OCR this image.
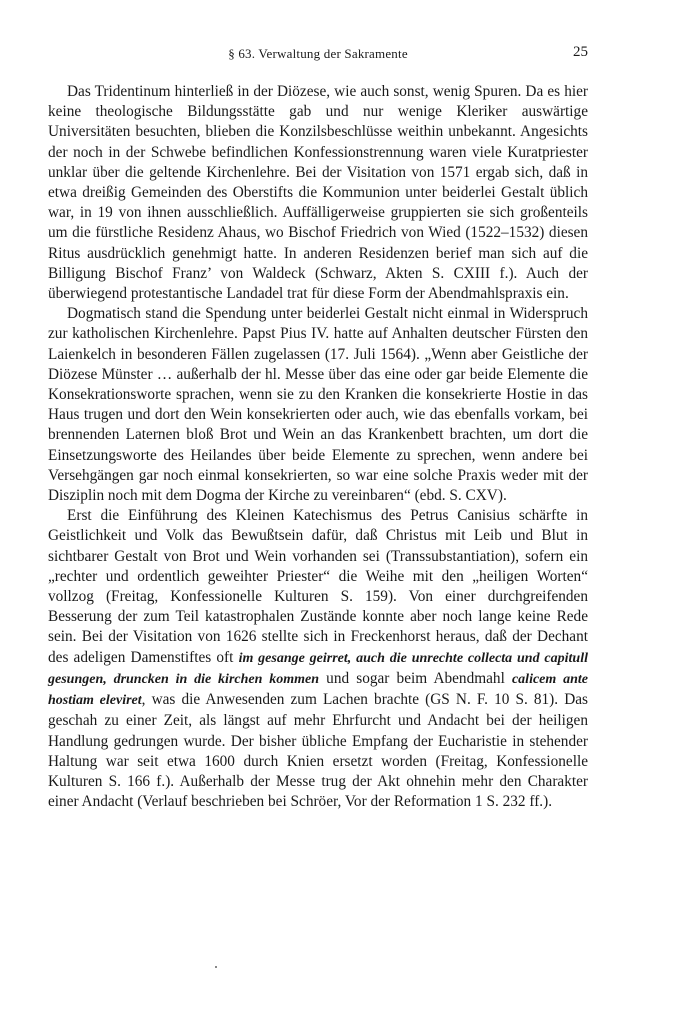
§ 63. Verwaltung der Sakramente	25

Das Tridentinum hinterließ in der Diözese, wie auch sonst, wenig Spuren. Da es hier keine theologische Bildungsstätte gab und nur wenige Kleriker auswärtige Universitäten besuchten, blieben die Konzilsbeschlüsse weithin unbekannt. Angesichts der noch in der Schwebe befindlichen Konfessionstrennung waren viele Kuratpriester unklar über die geltende Kirchenlehre. Bei der Visitation von 1571 ergab sich, daß in etwa dreißig Gemeinden des Oberstifts die Kommunion unter beiderlei Gestalt üblich war, in 19 von ihnen ausschließlich. Auffälligerweise gruppierten sie sich großenteils um die fürstliche Residenz Ahaus, wo Bischof Friedrich von Wied (1522–1532) diesen Ritus ausdrücklich genehmigt hatte. In anderen Residenzen berief man sich auf die Billigung Bischof Franz’ von Waldeck (Schwarz, Akten S. CXIII f.). Auch der überwiegend protestantische Landadel trat für diese Form der Abendmahlspraxis ein.

Dogmatisch stand die Spendung unter beiderlei Gestalt nicht einmal in Widerspruch zur katholischen Kirchenlehre. Papst Pius IV. hatte auf Anhalten deutscher Fürsten den Laienkelch in besonderen Fällen zugelassen (17. Juli 1564). „Wenn aber Geistliche der Diözese Münster … außerhalb der hl. Messe über das eine oder gar beide Elemente die Konsekrationsworte sprachen, wenn sie zu den Kranken die konsekrierte Hostie in das Haus trugen und dort den Wein konsekrierten oder auch, wie das ebenfalls vorkam, bei brennenden Laternen bloß Brot und Wein an das Krankenbett brachten, um dort die Einsetzungsworte des Heilandes über beide Elemente zu sprechen, wenn andere bei Versehgängen gar noch einmal konsekrierten, so war eine solche Praxis weder mit der Disziplin noch mit dem Dogma der Kirche zu vereinbaren“ (ebd. S. CXV).

Erst die Einführung des Kleinen Katechismus des Petrus Canisius schärfte in Geistlichkeit und Volk das Bewußtsein dafür, daß Christus mit Leib und Blut in sichtbarer Gestalt von Brot und Wein vorhanden sei (Transsubstantiation), sofern ein „rechter und ordentlich geweihter Priester“ die Weihe mit den „heiligen Worten“ vollzog (Freitag, Konfessionelle Kulturen S. 159). Von einer durchgreifenden Besserung der zum Teil katastrophalen Zustände konnte aber noch lange keine Rede sein. Bei der Visitation von 1626 stellte sich in Freckenhorst heraus, daß der Dechant des adeligen Damenstiftes oft im gesange geirret, auch die unrechte collecta und capitull gesungen, druncken in die kirchen kommen und sogar beim Abendmahl calicem ante hostiam eleviret, was die Anwesenden zum Lachen brachte (GS N. F. 10 S. 81). Das geschah zu einer Zeit, als längst auf mehr Ehrfurcht und Andacht bei der heiligen Handlung gedrungen wurde. Der bisher übliche Empfang der Eucharistie in stehender Haltung war seit etwa 1600 durch Knien ersetzt worden (Freitag, Konfessionelle Kulturen S. 166 f.). Außerhalb der Messe trug der Akt ohnehin mehr den Charakter einer Andacht (Verlauf beschrieben bei Schröer, Vor der Reformation 1 S. 232 ff.).
